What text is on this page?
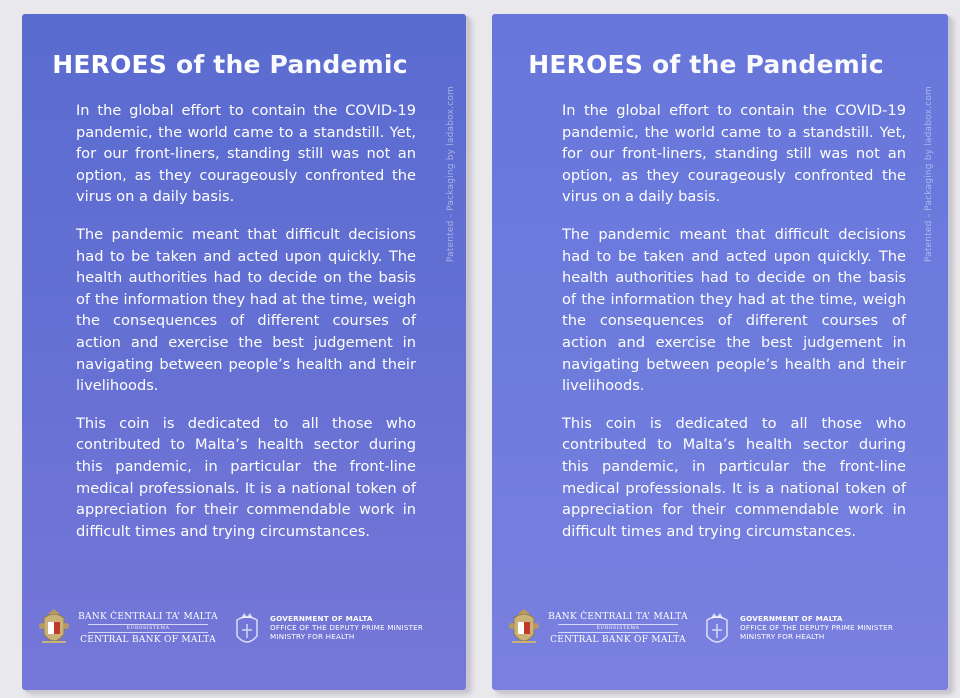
HEROES of the Pandemic

In the global effort to contain the COVID-19 pandemic, the world came to a standstill. Yet, for our front-liners, standing still was not an option, as they courageously confronted the virus on a daily basis.

The pandemic meant that difficult decisions had to be taken and acted upon quickly. The health authorities had to decide on the basis of the information they had at the time, weigh the consequences of different courses of action and exercise the best judgement in navigating between people’s health and their livelihoods.

This coin is dedicated to all those who contributed to Malta’s health sector during this pandemic, in particular the front-line medical professionals. It is a national token of appreciation for their commendable work in difficult times and trying circumstances.

Patented - Packaging by ladabox.com
BANK ĊENTRALI TA’ MALTA
EUROSISTEMA
CENTRAL BANK OF MALTA
GOVERNMENT OF MALTA
OFFICE OF THE DEPUTY PRIME MINISTER
MINISTRY FOR HEALTH
HEROES of the Pandemic

In the global effort to contain the COVID-19 pandemic, the world came to a standstill. Yet, for our front-liners, standing still was not an option, as they courageously confronted the virus on a daily basis.

The pandemic meant that difficult decisions had to be taken and acted upon quickly. The health authorities had to decide on the basis of the information they had at the time, weigh the consequences of different courses of action and exercise the best judgement in navigating between people’s health and their livelihoods.

This coin is dedicated to all those who contributed to Malta’s health sector during this pandemic, in particular the front-line medical professionals. It is a national token of appreciation for their commendable work in difficult times and trying circumstances.

Patented - Packaging by ladabox.com
BANK ĊENTRALI TA’ MALTA
EUROSISTEMA
CENTRAL BANK OF MALTA
GOVERNMENT OF MALTA
OFFICE OF THE DEPUTY PRIME MINISTER
MINISTRY FOR HEALTH
